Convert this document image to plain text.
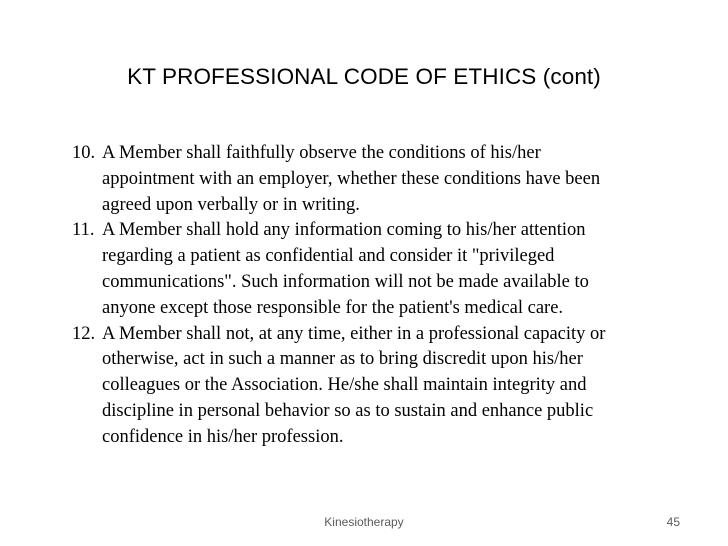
KT PROFESSIONAL CODE OF ETHICS (cont)
10. A Member shall faithfully observe the conditions of his/her
appointment with an employer, whether these conditions have been
agreed upon verbally or in writing.
11. A Member shall hold any information coming to his/her attention
regarding a patient as confidential and consider it "privileged
communications". Such information will not be made available to
anyone except those responsible for the patient's medical care.
12. A Member shall not, at any time, either in a professional capacity or
otherwise, act in such a manner as to bring discredit upon his/her
colleagues or the Association. He/she shall maintain integrity and
discipline in personal behavior so as to sustain and enhance public
confidence in his/her profession.
Kinesiotherapy	45
